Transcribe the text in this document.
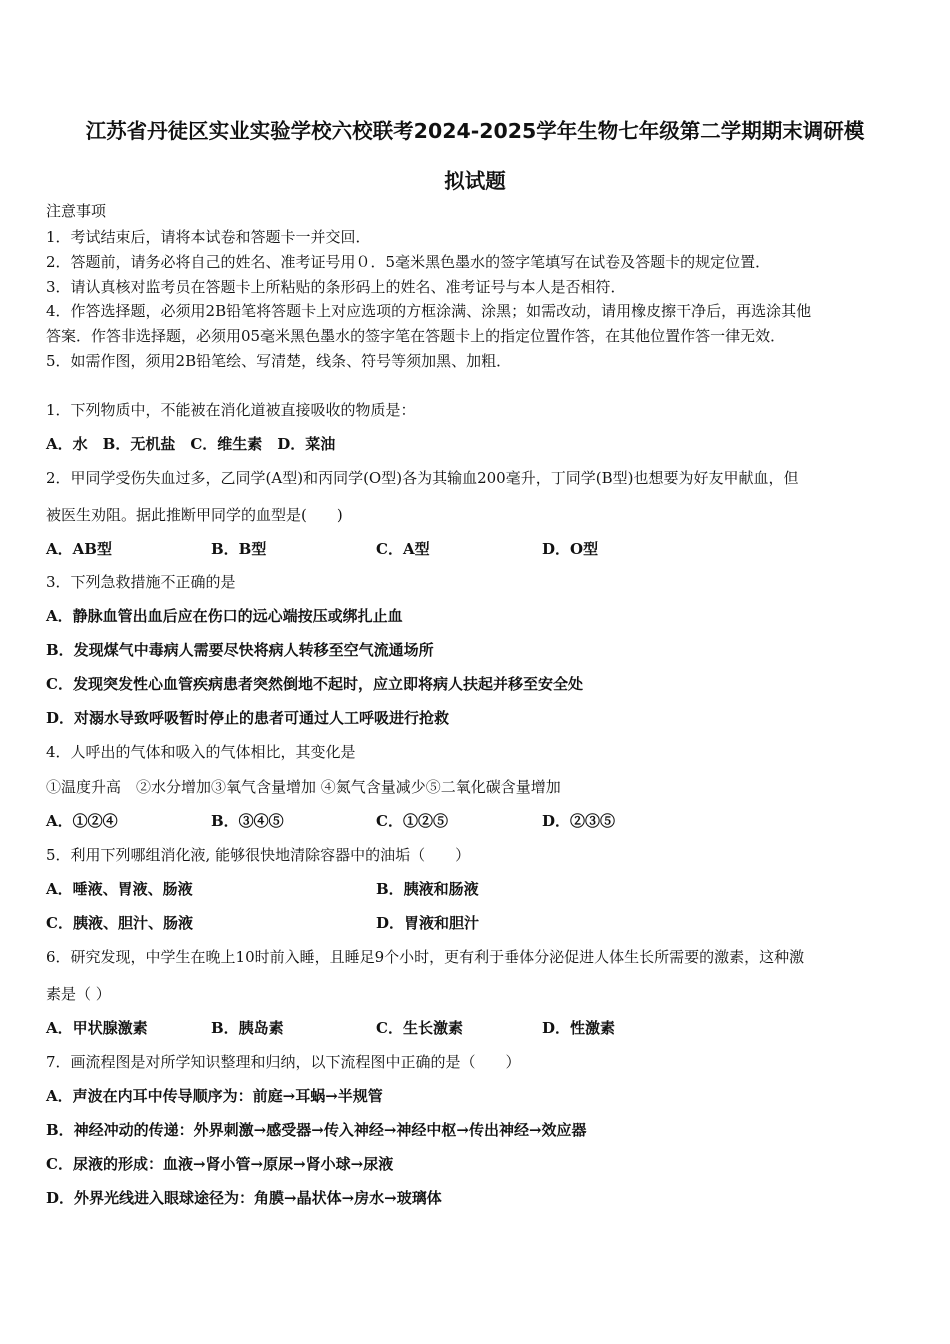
江苏省丹徒区实业实验学校六校联考2024-2025学年生物七年级第二学期期末调研模
拟试题
注意事项
1．考试结束后，请将本试卷和答题卡一并交回．
2．答题前，请务必将自己的姓名、准考证号用０．5毫米黑色墨水的签字笔填写在试卷及答题卡的规定位置．
3．请认真核对监考员在答题卡上所粘贴的条形码上的姓名、准考证号与本人是否相符．
4．作答选择题，必须用2B铅笔将答题卡上对应选项的方框涂满、涂黑；如需改动，请用橡皮擦干净后，再选涂其他
答案．作答非选择题，必须用05毫米黑色墨水的签字笔在答题卡上的指定位置作答，在其他位置作答一律无效．
5．如需作图，须用2B铅笔绘、写清楚，线条、符号等须加黑、加粗．
1．下列物质中，不能被在消化道被直接吸收的物质是：
A．水　B．无机盐　C．维生素　D．菜油
2．甲同学受伤失血过多，乙同学(A型)和丙同学(O型)各为其输血200毫升，丁同学(B型)也想要为好友甲献血，但
被医生劝阻。据此推断甲同学的血型是(　　)
A．AB型	B．B型	C．A型	D．O型
3．下列急救措施不正确的是
A．静脉血管出血后应在伤口的远心端按压或绑扎止血
B．发现煤气中毒病人需要尽快将病人转移至空气流通场所
C．发现突发性心血管疾病患者突然倒地不起时，应立即将病人扶起并移至安全处
D．对溺水导致呼吸暂时停止的患者可通过人工呼吸进行抢救
4．人呼出的气体和吸入的气体相比，其变化是
①温度升高　②水分增加③氧气含量增加 ④氮气含量减少⑤二氧化碳含量增加
A．①②④	B．③④⑤	C．①②⑤	D．②③⑤
5．利用下列哪组消化液, 能够很快地清除容器中的油垢（　　）
A．唾液、胃液、肠液	B．胰液和肠液
C．胰液、胆汁、肠液	D．胃液和胆汁
6．研究发现，中学生在晚上10时前入睡，且睡足9个小时，更有利于垂体分泌促进人体生长所需要的激素，这种激
素是（ ）
A．甲状腺激素	B．胰岛素	C．生长激素	D．性激素
7．画流程图是对所学知识整理和归纳，以下流程图中正确的是（　　）
A．声波在内耳中传导顺序为：前庭→耳蜗→半规管
B．神经冲动的传递：外界刺激→感受器→传入神经→神经中枢→传出神经→效应器
C．尿液的形成：血液→肾小管→原尿→肾小球→尿液
D．外界光线进入眼球途径为：角膜→晶状体→房水→玻璃体
